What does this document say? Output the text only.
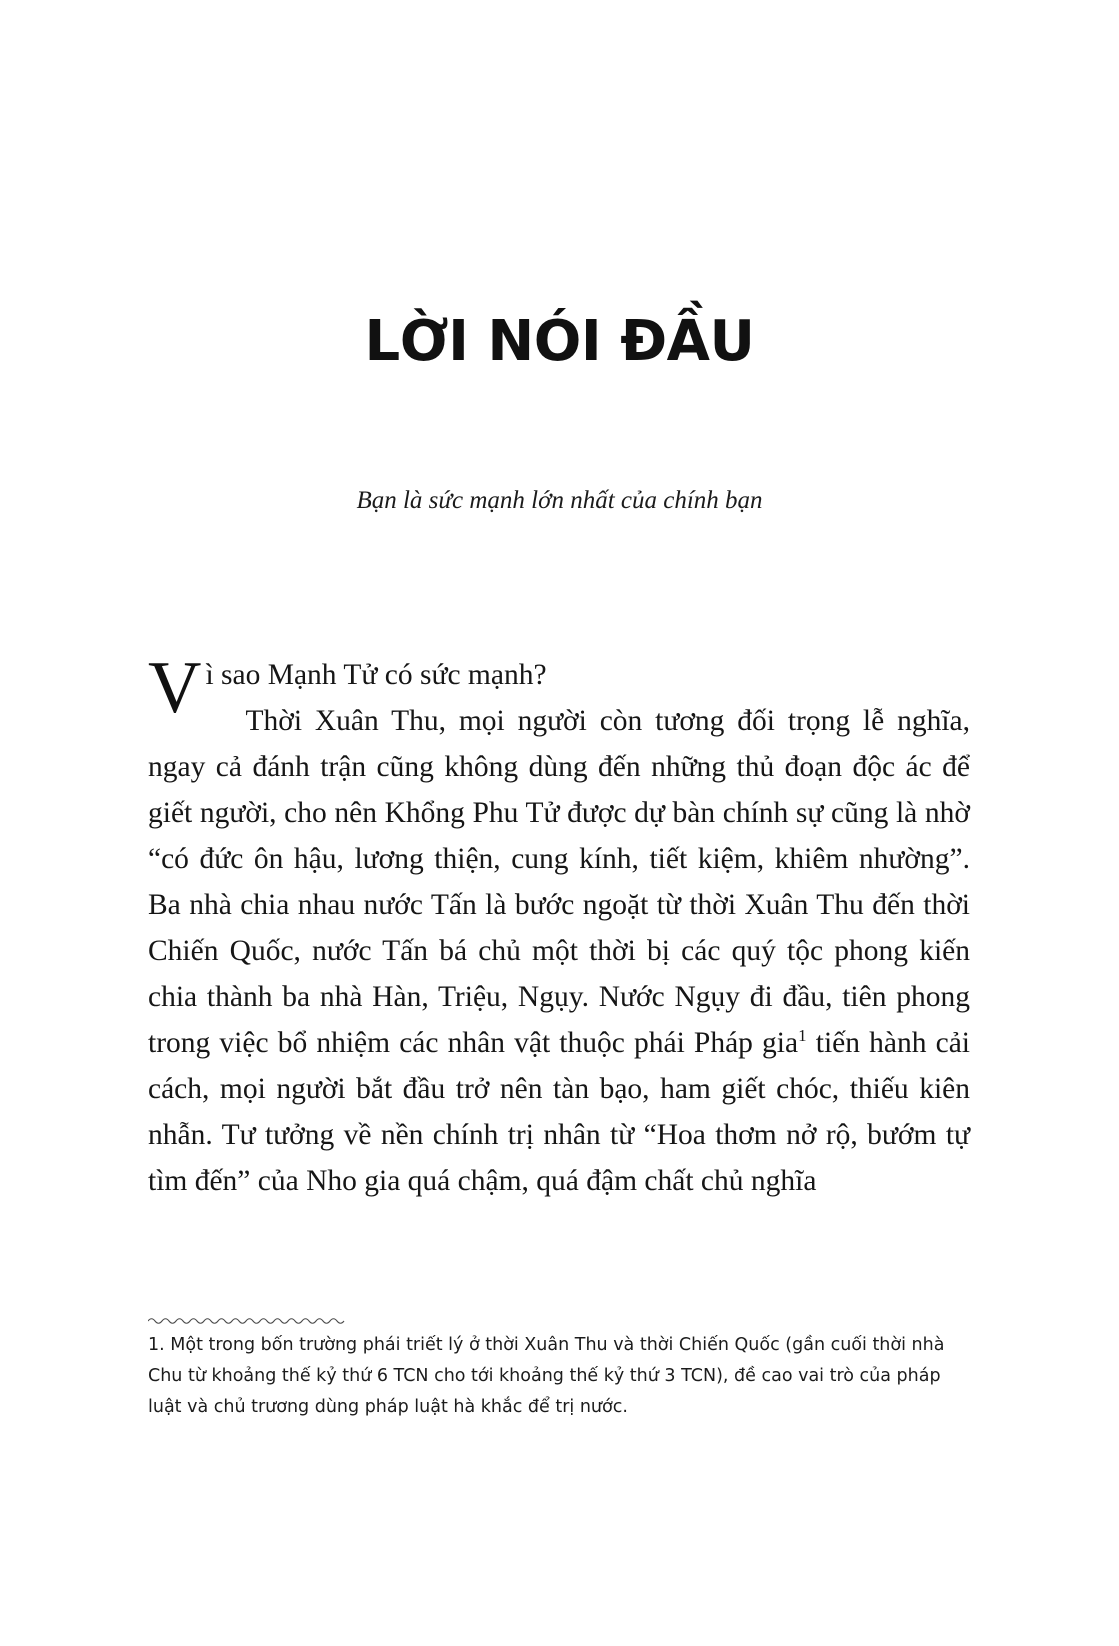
LỜI NÓI ĐẦU
Bạn là sức mạnh lớn nhất của chính bạn

Vì sao Mạnh Tử có sức mạnh?
Thời Xuân Thu, mọi người còn tương đối trọng lễ nghĩa, ngay cả đánh trận cũng không dùng đến những thủ đoạn độc ác để giết người, cho nên Khổng Phu Tử được dự bàn chính sự cũng là nhờ “có đức ôn hậu, lương thiện, cung kính, tiết kiệm, khiêm nhường”. Ba nhà chia nhau nước Tấn là bước ngoặt từ thời Xuân Thu đến thời Chiến Quốc, nước Tấn bá chủ một thời bị các quý tộc phong kiến chia thành ba nhà Hàn, Triệu, Ngụy. Nước Ngụy đi đầu, tiên phong trong việc bổ nhiệm các nhân vật thuộc phái Pháp gia$^1$ tiến hành cải cách, mọi người bắt đầu trở nên tàn bạo, ham giết chóc, thiếu kiên nhẫn. Tư tưởng về nền chính trị nhân từ “Hoa thơm nở rộ, bướm tự tìm đến” của Nho gia quá chậm, quá đậm chất chủ nghĩa

1. Một trong bốn trường phái triết lý ở thời Xuân Thu và thời Chiến Quốc (gần cuối thời nhà Chu từ khoảng thế kỷ thứ 6 TCN cho tới khoảng thế kỷ thứ 3 TCN), đề cao vai trò của pháp luật và chủ trương dùng pháp luật hà khắc để trị nước.
